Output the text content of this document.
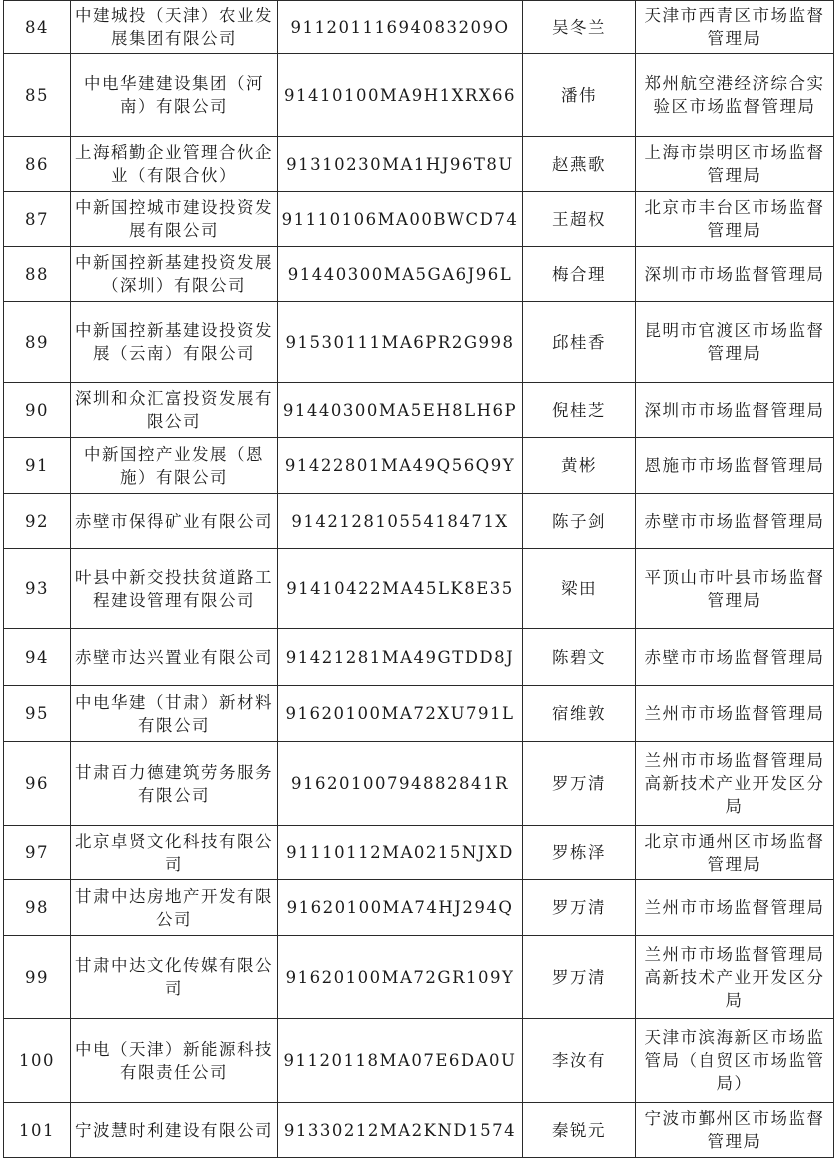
84	中建城投（天津）农业发展集团有限公司	91120111694083209O	吴冬兰	天津市西青区市场监督管理局
85	中电华建建设集团（河南）有限公司	91410100MA9H1XRX66	潘伟	郑州航空港经济综合实验区市场监督管理局
86	上海稻勤企业管理合伙企业（有限合伙）	91310230MA1HJ96T8U	赵燕歌	上海市崇明区市场监督管理局
87	中新国控城市建设投资发展有限公司	91110106MA00BWCD74	王超权	北京市丰台区市场监督管理局
88	中新国控新基建投资发展（深圳）有限公司	91440300MA5GA6J96L	梅合理	深圳市市场监督管理局
89	中新国控新基建设投资发展（云南）有限公司	91530111MA6PR2G998	邱桂香	昆明市官渡区市场监督管理局
90	深圳和众汇富投资发展有限公司	91440300MA5EH8LH6P	倪桂芝	深圳市市场监督管理局
91	中新国控产业发展（恩施）有限公司	91422801MA49Q56Q9Y	黄彬	恩施市市场监督管理局
92	赤壁市保得矿业有限公司	91421281055418471X	陈子剑	赤壁市市场监督管理局
93	叶县中新交投扶贫道路工程建设管理有限公司	91410422MA45LK8E35	梁田	平顶山市叶县市场监督管理局
94	赤壁市达兴置业有限公司	91421281MA49GTDD8J	陈碧文	赤壁市市场监督管理局
95	中电华建（甘肃）新材料有限公司	91620100MA72XU791L	宿维敦	兰州市市场监督管理局
96	甘肃百力德建筑劳务服务有限公司	91620100794882841R	罗万清	兰州市市场监督管理局高新技术产业开发区分局
97	北京卓贤文化科技有限公司	91110112MA0215NJXD	罗栋泽	北京市通州区市场监督管理局
98	甘肃中达房地产开发有限公司	91620100MA74HJ294Q	罗万清	兰州市市场监督管理局
99	甘肃中达文化传媒有限公司	91620100MA72GR109Y	罗万清	兰州市市场监督管理局高新技术产业开发区分局
100	中电（天津）新能源科技有限责任公司	91120118MA07E6DA0U	李汝有	天津市滨海新区市场监管局（自贸区市场监管局）
101	宁波慧时利建设有限公司	91330212MA2KND1574	秦锐元	宁波市鄞州区市场监督管理局
